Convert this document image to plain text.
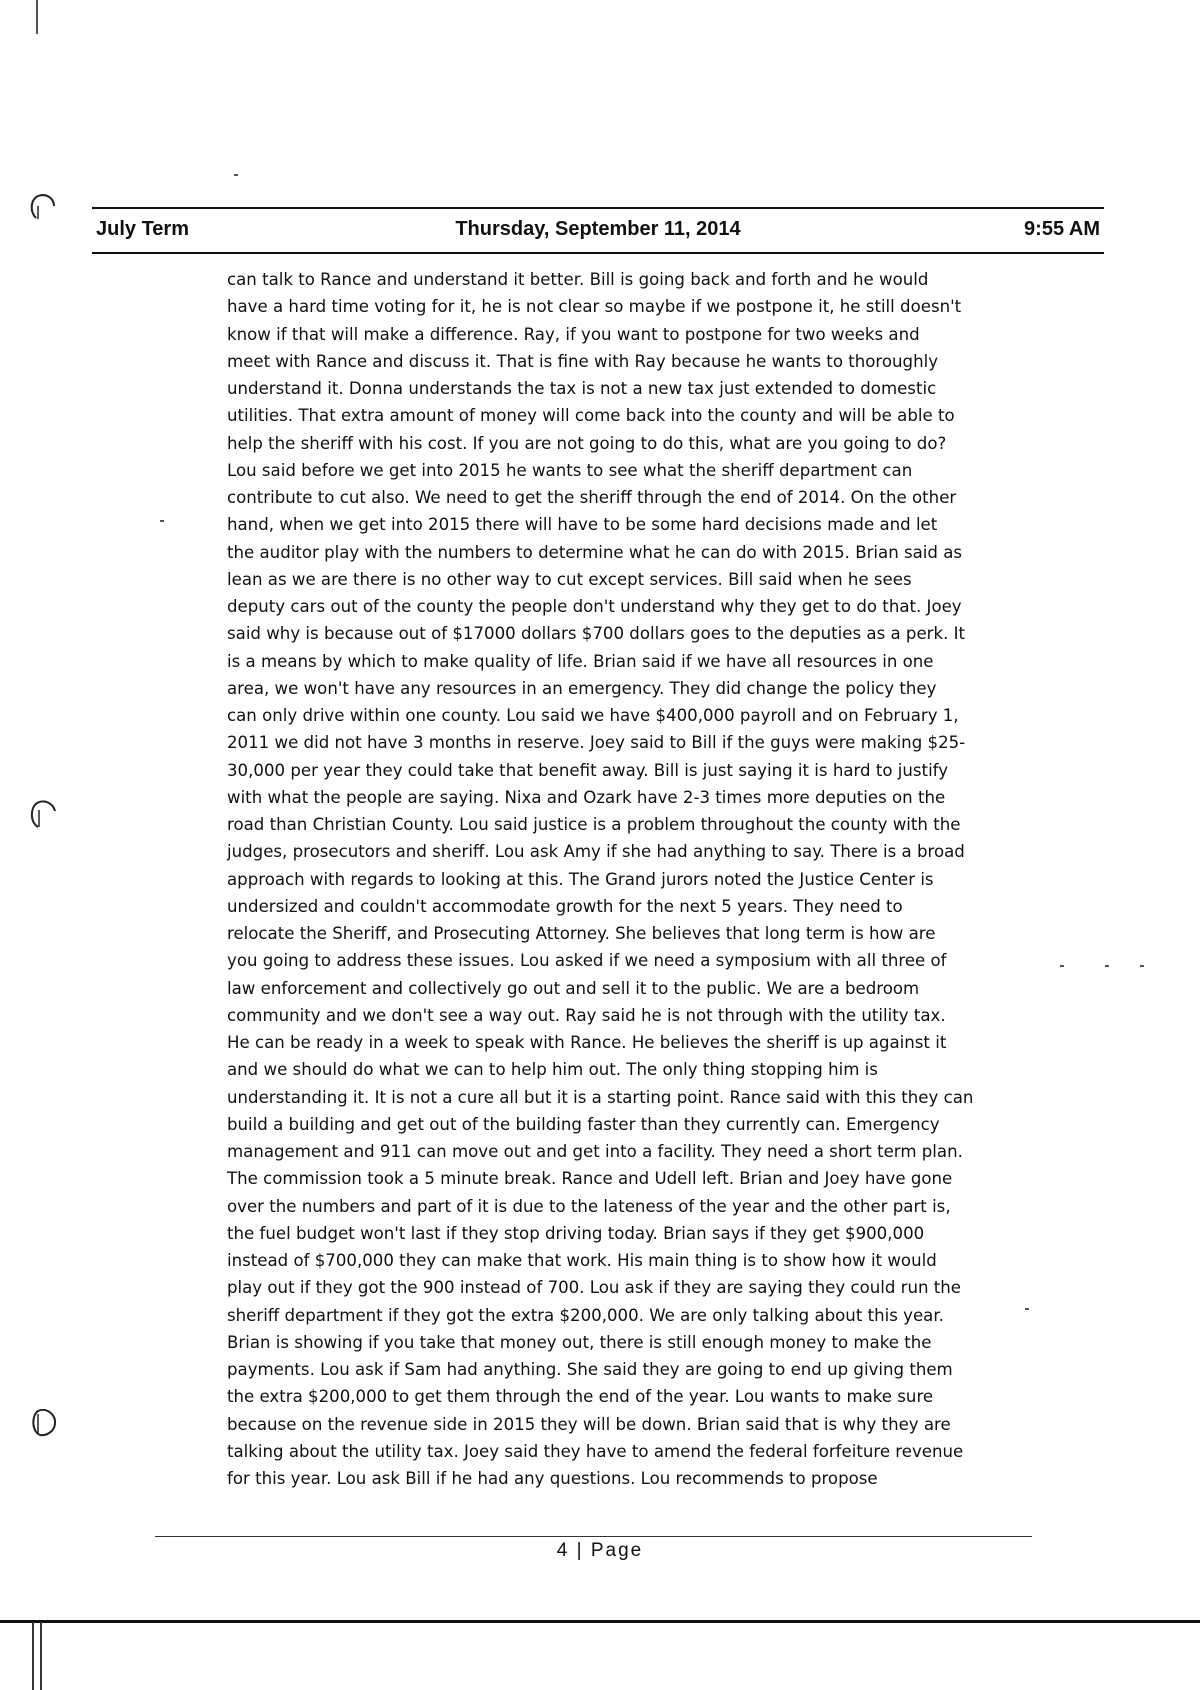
July Term	Thursday, September 11, 2014	9:55 AM

can talk to Rance and understand it better. Bill is going back and forth and he would
have a hard time voting for it, he is not clear so maybe if we postpone it, he still doesn't
know if that will make a difference. Ray, if you want to postpone for two weeks and
meet with Rance and discuss it. That is fine with Ray because he wants to thoroughly
understand it. Donna understands the tax is not a new tax just extended to domestic
utilities. That extra amount of money will come back into the county and will be able to
help the sheriff with his cost. If you are not going to do this, what are you going to do?
Lou said before we get into 2015 he wants to see what the sheriff department can
contribute to cut also. We need to get the sheriff through the end of 2014. On the other
hand, when we get into 2015 there will have to be some hard decisions made and let
the auditor play with the numbers to determine what he can do with 2015. Brian said as
lean as we are there is no other way to cut except services. Bill said when he sees
deputy cars out of the county the people don't understand why they get to do that. Joey
said why is because out of $17000 dollars $700 dollars goes to the deputies as a perk. It
is a means by which to make quality of life. Brian said if we have all resources in one
area, we won't have any resources in an emergency. They did change the policy they
can only drive within one county. Lou said we have $400,000 payroll and on February 1,
2011 we did not have 3 months in reserve. Joey said to Bill if the guys were making $25-
30,000 per year they could take that benefit away. Bill is just saying it is hard to justify
with what the people are saying. Nixa and Ozark have 2-3 times more deputies on the
road than Christian County. Lou said justice is a problem throughout the county with the
judges, prosecutors and sheriff. Lou ask Amy if she had anything to say. There is a broad
approach with regards to looking at this. The Grand jurors noted the Justice Center is
undersized and couldn't accommodate growth for the next 5 years. They need to
relocate the Sheriff, and Prosecuting Attorney. She believes that long term is how are
you going to address these issues. Lou asked if we need a symposium with all three of
law enforcement and collectively go out and sell it to the public. We are a bedroom
community and we don't see a way out. Ray said he is not through with the utility tax.
He can be ready in a week to speak with Rance. He believes the sheriff is up against it
and we should do what we can to help him out. The only thing stopping him is
understanding it. It is not a cure all but it is a starting point. Rance said with this they can
build a building and get out of the building faster than they currently can. Emergency
management and 911 can move out and get into a facility. They need a short term plan.
The commission took a 5 minute break. Rance and Udell left. Brian and Joey have gone
over the numbers and part of it is due to the lateness of the year and the other part is,
the fuel budget won't last if they stop driving today. Brian says if they get $900,000
instead of $700,000 they can make that work. His main thing is to show how it would
play out if they got the 900 instead of 700. Lou ask if they are saying they could run the
sheriff department if they got the extra $200,000. We are only talking about this year.
Brian is showing if you take that money out, there is still enough money to make the
payments. Lou ask if Sam had anything. She said they are going to end up giving them
the extra $200,000 to get them through the end of the year. Lou wants to make sure
because on the revenue side in 2015 they will be down. Brian said that is why they are
talking about the utility tax. Joey said they have to amend the federal forfeiture revenue
for this year. Lou ask Bill if he had any questions. Lou recommends to propose

4 | Page
